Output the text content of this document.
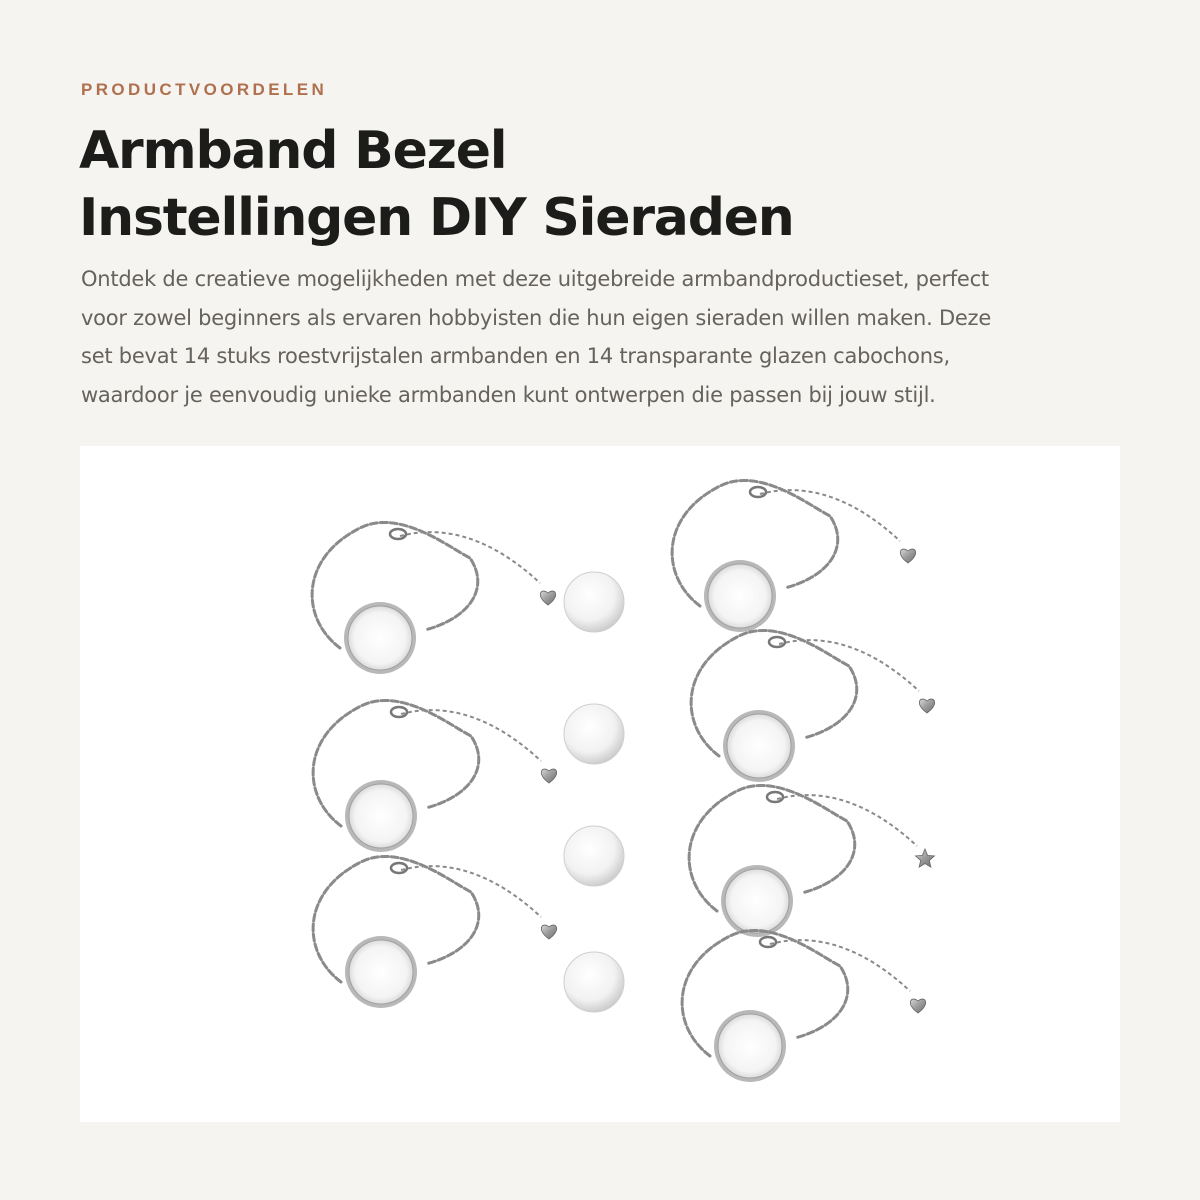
PRODUCTVOORDELEN
Armband Bezel
Instellingen DIY Sieraden

Ontdek de creatieve mogelijkheden met deze uitgebreide armbandproductieset, perfect
voor zowel beginners als ervaren hobbyisten die hun eigen sieraden willen maken. Deze
set bevat 14 stuks roestvrijstalen armbanden en 14 transparante glazen cabochons,
waardoor je eenvoudig unieke armbanden kunt ontwerpen die passen bij jouw stijl.
